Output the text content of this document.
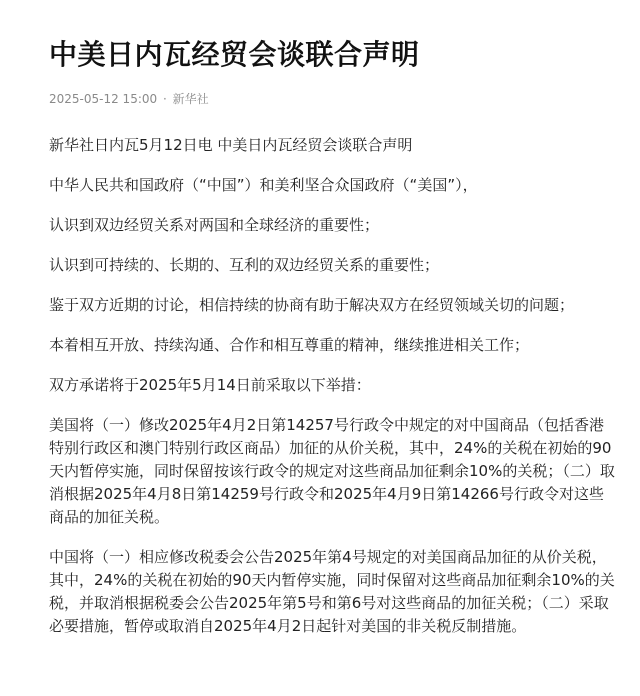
中美日内瓦经贸会谈联合声明
2025-05-12 15:00 · 新华社

新华社日内瓦5月12日电 中美日内瓦经贸会谈联合声明

中华人民共和国政府（“中国”）和美利坚合众国政府（“美国”），

认识到双边经贸关系对两国和全球经济的重要性；

认识到可持续的、长期的、互利的双边经贸关系的重要性；

鉴于双方近期的讨论，相信持续的协商有助于解决双方在经贸领域关切的问题；

本着相互开放、持续沟通、合作和相互尊重的精神，继续推进相关工作；

双方承诺将于2025年5月14日前采取以下举措：

美国将（一）修改2025年4月2日第14257号行政令中规定的对中国商品（包括香港特别行政区和澳门特别行政区商品）加征的从价关税，其中，24%的关税在初始的90天内暂停实施，同时保留按该行政令的规定对这些商品加征剩余10%的关税；（二）取消根据2025年4月8日第14259号行政令和2025年4月9日第14266号行政令对这些商品的加征关税。

中国将（一）相应修改税委会公告2025年第4号规定的对美国商品加征的从价关税，其中，24%的关税在初始的90天内暂停实施，同时保留对这些商品加征剩余10%的关税，并取消根据税委会公告2025年第5号和第6号对这些商品的加征关税；（二）采取必要措施，暂停或取消自2025年4月2日起针对美国的非关税反制措施。
